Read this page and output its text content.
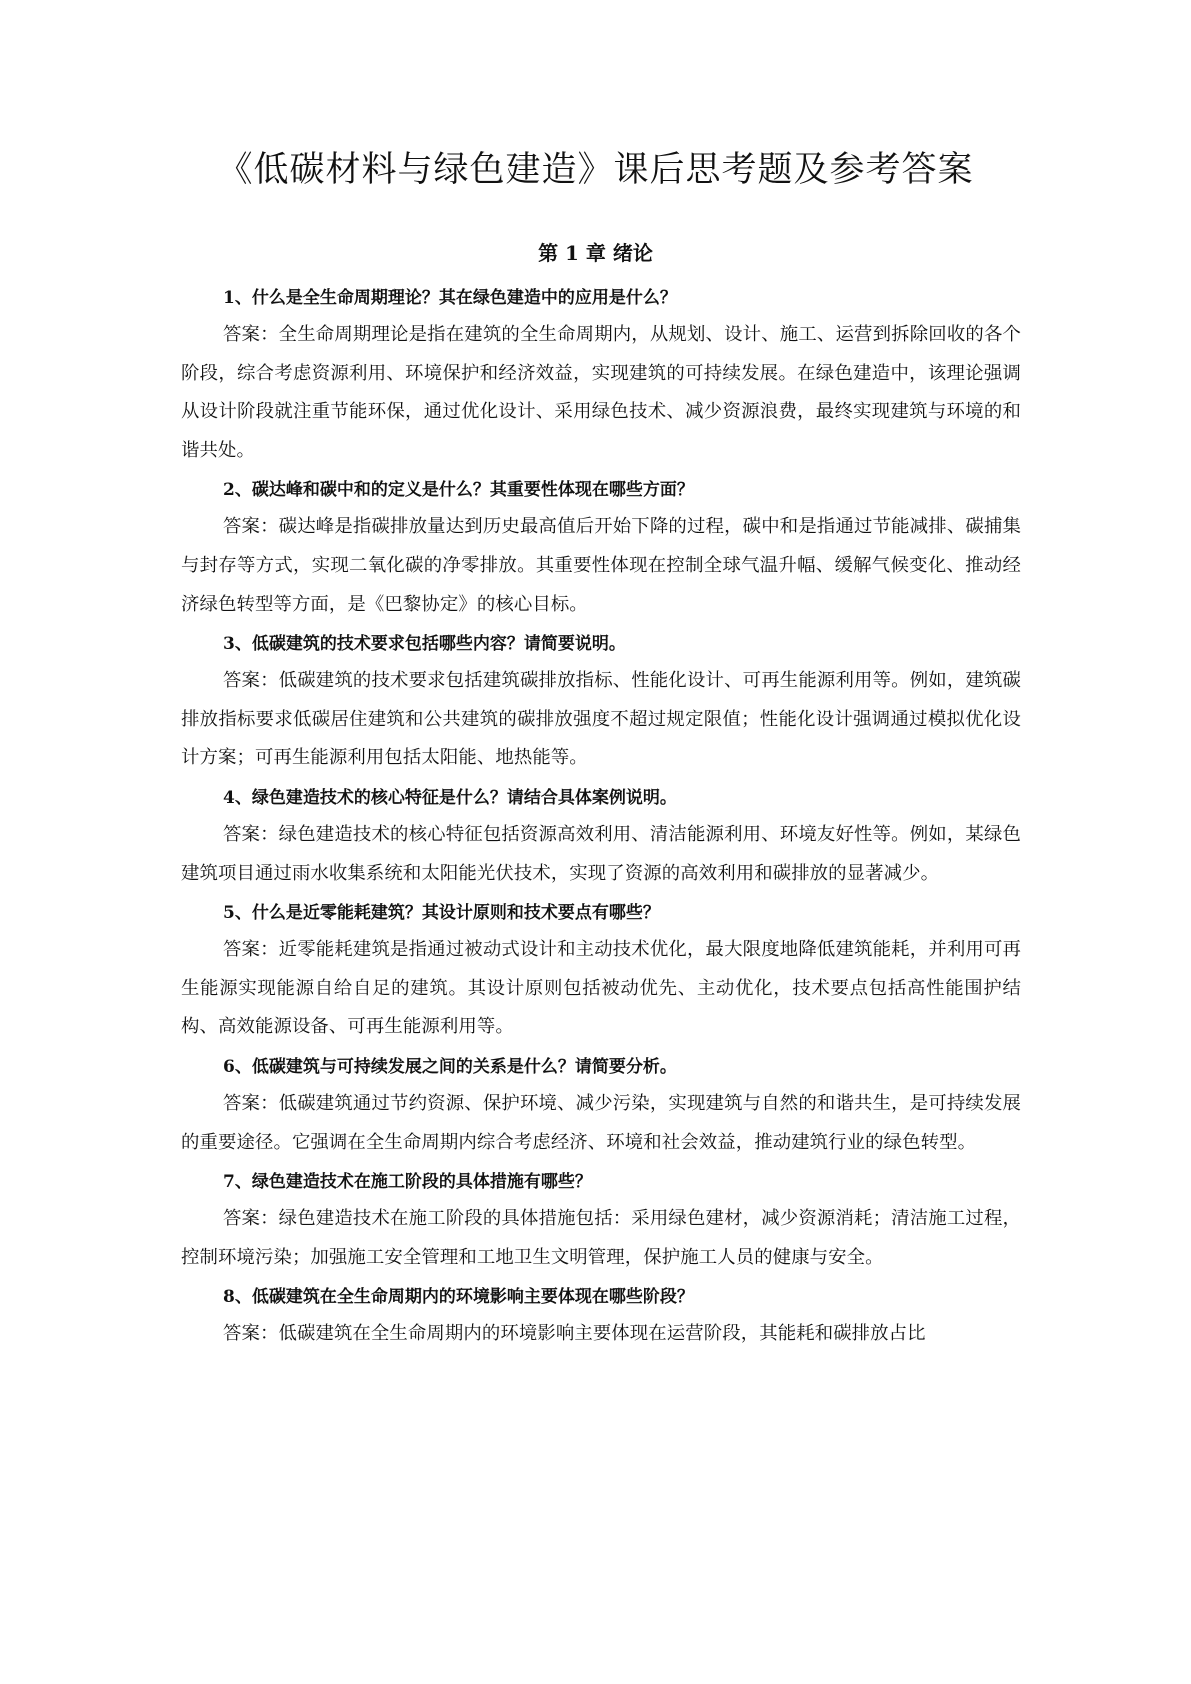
《低碳材料与绿色建造》课后思考题及参考答案
第 1 章 绪论

1、什么是全生命周期理论？其在绿色建造中的应用是什么？

答案：全生命周期理论是指在建筑的全生命周期内，从规划、设计、施工、运营到拆除回收的各个阶段，综合考虑资源利用、环境保护和经济效益，实现建筑的可持续发展。在绿色建造中，该理论强调从设计阶段就注重节能环保，通过优化设计、采用绿色技术、减少资源浪费，最终实现建筑与环境的和谐共处。

2、碳达峰和碳中和的定义是什么？其重要性体现在哪些方面？

答案：碳达峰是指碳排放量达到历史最高值后开始下降的过程，碳中和是指通过节能减排、碳捕集与封存等方式，实现二氧化碳的净零排放。其重要性体现在控制全球气温升幅、缓解气候变化、推动经济绿色转型等方面，是《巴黎协定》的核心目标。

3、低碳建筑的技术要求包括哪些内容？请简要说明。

答案：低碳建筑的技术要求包括建筑碳排放指标、性能化设计、可再生能源利用等。例如，建筑碳排放指标要求低碳居住建筑和公共建筑的碳排放强度不超过规定限值；性能化设计强调通过模拟优化设计方案；可再生能源利用包括太阳能、地热能等。

4、绿色建造技术的核心特征是什么？请结合具体案例说明。

答案：绿色建造技术的核心特征包括资源高效利用、清洁能源利用、环境友好性等。例如，某绿色建筑项目通过雨水收集系统和太阳能光伏技术，实现了资源的高效利用和碳排放的显著减少。

5、什么是近零能耗建筑？其设计原则和技术要点有哪些？

答案：近零能耗建筑是指通过被动式设计和主动技术优化，最大限度地降低建筑能耗，并利用可再生能源实现能源自给自足的建筑。其设计原则包括被动优先、主动优化，技术要点包括高性能围护结构、高效能源设备、可再生能源利用等。

6、低碳建筑与可持续发展之间的关系是什么？请简要分析。

答案：低碳建筑通过节约资源、保护环境、减少污染，实现建筑与自然的和谐共生，是可持续发展的重要途径。它强调在全生命周期内综合考虑经济、环境和社会效益，推动建筑行业的绿色转型。

7、绿色建造技术在施工阶段的具体措施有哪些？

答案：绿色建造技术在施工阶段的具体措施包括：采用绿色建材，减少资源消耗；清洁施工过程，控制环境污染；加强施工安全管理和工地卫生文明管理，保护施工人员的健康与安全。

8、低碳建筑在全生命周期内的环境影响主要体现在哪些阶段？

答案：低碳建筑在全生命周期内的环境影响主要体现在运营阶段，其能耗和碳排放占比
